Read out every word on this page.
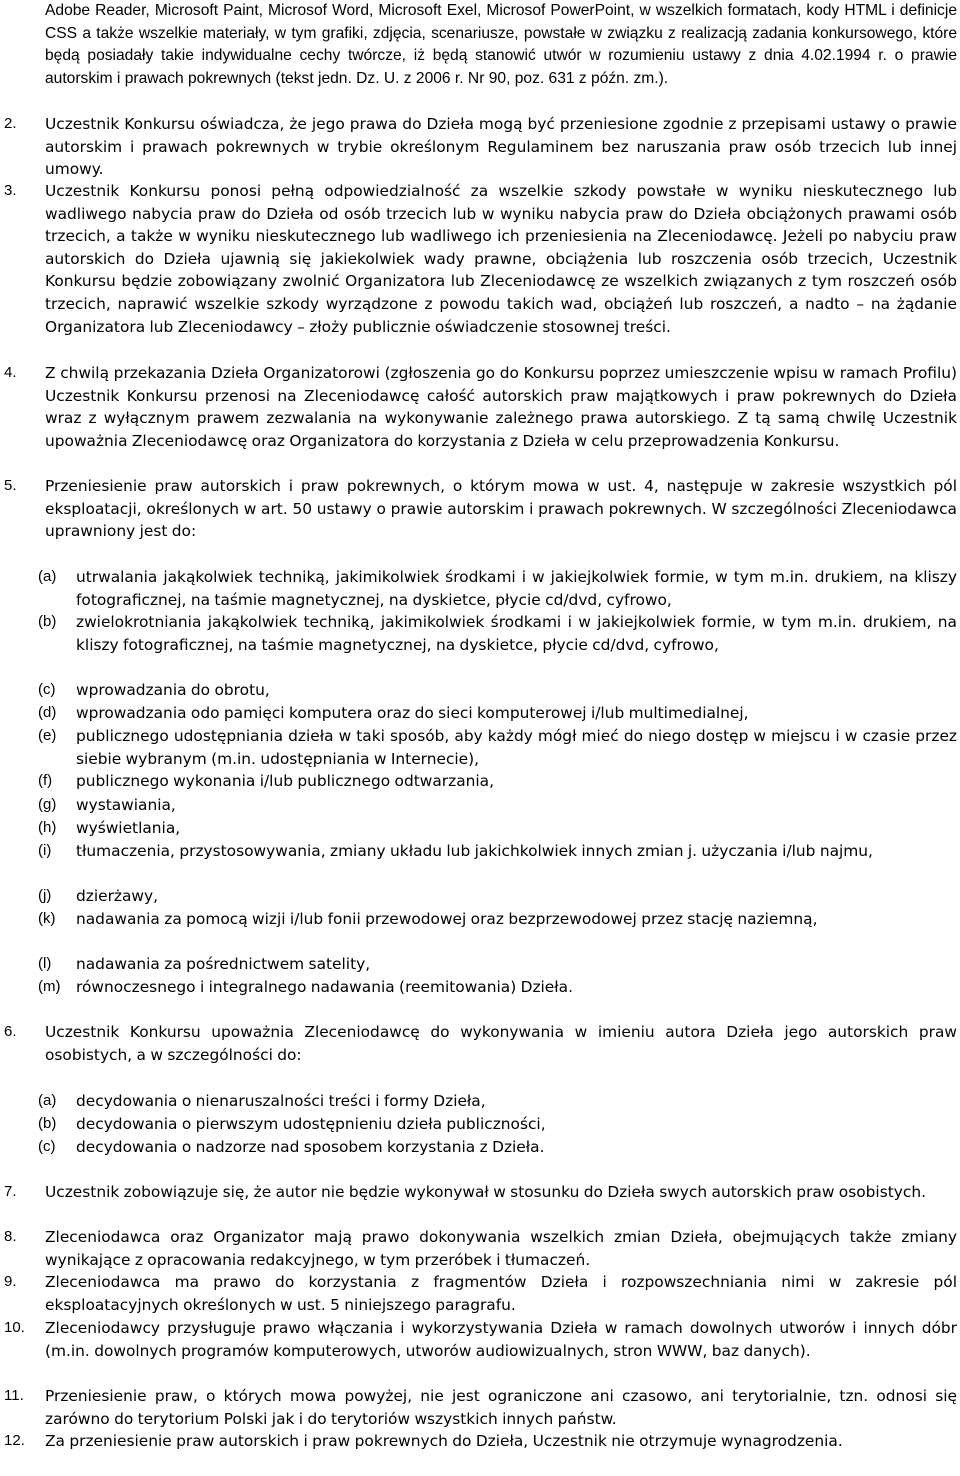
Adobe Reader, Microsoft Paint, Microsof Word, Microsoft Exel, Microsof PowerPoint, w wszelkich formatach, kody HTML i definicje CSS a także wszelkie materiały, w tym grafiki, zdjęcia, scenariusze, powstałe w związku z realizacją zadania konkursowego, które będą posiadały takie indywidualne cechy twórcze, iż będą stanowić utwór w rozumieniu ustawy z dnia 4.02.1994 r. o prawie autorskim i prawach pokrewnych (tekst jedn. Dz. U. z 2006 r. Nr 90, poz. 631 z późn. zm.).
2.	Uczestnik Konkursu oświadcza, że jego prawa do Dzieła mogą być przeniesione zgodnie z przepisami ustawy o prawie autorskim i prawach pokrewnych w trybie określonym Regulaminem bez naruszania praw osób trzecich lub innej umowy.
3.	Uczestnik Konkursu ponosi pełną odpowiedzialność za wszelkie szkody powstałe w wyniku nieskutecznego lub wadliwego nabycia praw do Dzieła od osób trzecich lub w wyniku nabycia praw do Dzieła obciążonych prawami osób trzecich, a także w wyniku nieskutecznego lub wadliwego ich przeniesienia na Zleceniodawcę. Jeżeli po nabyciu praw autorskich do Dzieła ujawnią się jakiekolwiek wady prawne, obciążenia lub roszczenia osób trzecich, Uczestnik Konkursu będzie zobowiązany zwolnić Organizatora lub Zleceniodawcę ze wszelkich związanych z tym roszczeń osób trzecich, naprawić wszelkie szkody wyrządzone z powodu takich wad, obciążeń lub roszczeń, a nadto – na żądanie Organizatora lub Zleceniodawcy – złoży publicznie oświadczenie stosownej treści.
4.	Z chwilą przekazania Dzieła Organizatorowi (zgłoszenia go do Konkursu poprzez umieszczenie wpisu w ramach Profilu) Uczestnik Konkursu przenosi na Zleceniodawcę całość autorskich praw majątkowych i praw pokrewnych do Dzieła wraz z wyłącznym prawem zezwalania na wykonywanie zależnego prawa autorskiego. Z tą samą chwilę Uczestnik upoważnia Zleceniodawcę oraz Organizatora do korzystania z Dzieła w celu przeprowadzenia Konkursu.
5.	Przeniesienie praw autorskich i praw pokrewnych, o którym mowa w ust. 4, następuje w zakresie wszystkich pól eksploatacji, określonych w art. 50 ustawy o prawie autorskim i prawach pokrewnych. W szczególności Zleceniodawca uprawniony jest do:
(a)	utrwalania jakąkolwiek techniką, jakimikolwiek środkami i w jakiejkolwiek formie, w tym m.in. drukiem, na kliszy fotograficznej, na taśmie magnetycznej, na dyskietce, płycie cd/dvd, cyfrowo,
(b)	zwielokrotniania jakąkolwiek techniką, jakimikolwiek środkami i w jakiejkolwiek formie, w tym m.in. drukiem, na kliszy fotograficznej, na taśmie magnetycznej, na dyskietce, płycie cd/dvd, cyfrowo,
(c)	wprowadzania do obrotu,
(d)	wprowadzania odo pamięci komputera oraz do sieci komputerowej i/lub multimedialnej,
(e)	publicznego udostępniania dzieła w taki sposób, aby każdy mógł mieć do niego dostęp w miejscu i w czasie przez siebie wybranym (m.in. udostępniania w Internecie),
(f)	publicznego wykonania i/lub publicznego odtwarzania,
(g)	wystawiania,
(h)	wyświetlania,
(i)	tłumaczenia, przystosowywania, zmiany układu lub jakichkolwiek innych zmian j. użyczania i/lub najmu,
(j)	dzierżawy,
(k)	nadawania za pomocą wizji i/lub fonii przewodowej oraz bezprzewodowej przez stację naziemną,
(l)	nadawania za pośrednictwem satelity,
(m)	równoczesnego i integralnego nadawania (reemitowania) Dzieła.
6.	Uczestnik Konkursu upoważnia Zleceniodawcę do wykonywania w imieniu autora Dzieła jego autorskich praw osobistych, a w szczególności do:
(a)	decydowania o nienaruszalności treści i formy Dzieła,
(b)	decydowania o pierwszym udostępnieniu dzieła publiczności,
(c)	decydowania o nadzorze nad sposobem korzystania z Dzieła.
7.	Uczestnik zobowiązuje się, że autor nie będzie wykonywał w stosunku do Dzieła swych autorskich praw osobistych.
8.	Zleceniodawca oraz Organizator mają prawo dokonywania wszelkich zmian Dzieła, obejmujących także zmiany wynikające z opracowania redakcyjnego, w tym przeróbek i tłumaczeń.
9.	Zleceniodawca ma prawo do korzystania z fragmentów Dzieła i rozpowszechniania nimi w zakresie pól eksploatacyjnych określonych w ust. 5 niniejszego paragrafu.
10.	Zleceniodawcy przysługuje prawo włączania i wykorzystywania Dzieła w ramach dowolnych utworów i innych dóbr (m.in. dowolnych programów komputerowych, utworów audiowizualnych, stron WWW, baz danych).
11.	Przeniesienie praw, o których mowa powyżej, nie jest ograniczone ani czasowo, ani terytorialnie, tzn. odnosi się zarówno do terytorium Polski jak i do terytoriów wszystkich innych państw.
12.	Za przeniesienie praw autorskich i praw pokrewnych do Dzieła, Uczestnik nie otrzymuje wynagrodzenia.
